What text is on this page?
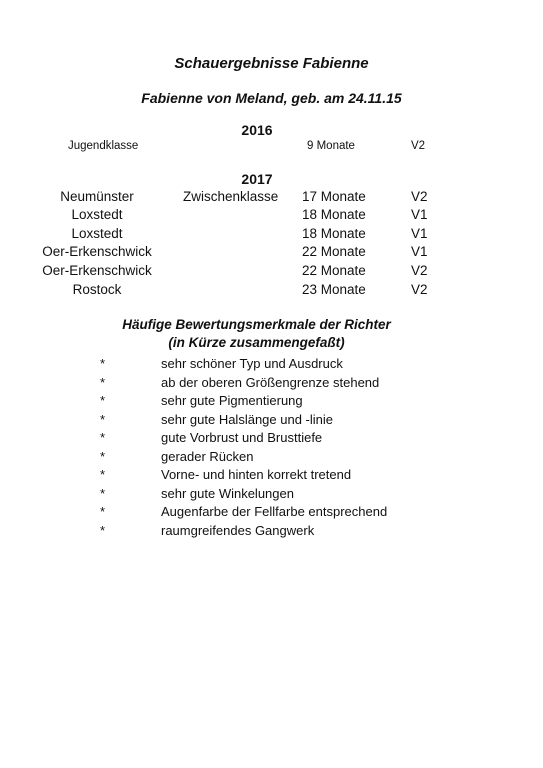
Schauergebnisse Fabienne
Fabienne von Meland, geb. am 24.11.15
2016
Jugendklasse	9 Monate	V2
2017
Neumünster	Zwischenklasse 17 Monate	V2
Loxstedt	18 Monate	V1
Loxstedt	18 Monate	V1
Oer-Erkenschwick	22 Monate	V1
Oer-Erkenschwick	22 Monate	V2
Rostock	23 Monate	V2
Häufige Bewertungsmerkmale der Richter
(in Kürze zusammengefaßt)
*	sehr schöner Typ und Ausdruck
*	ab der oberen Größengrenze stehend
*	sehr gute Pigmentierung
*	sehr gute Halslänge und -linie
*	gute Vorbrust und Brusttiefe
*	gerader Rücken
*	Vorne- und hinten korrekt tretend
*	sehr gute Winkelungen
*	Augenfarbe der Fellfarbe entsprechend
*	raumgreifendes Gangwerk
